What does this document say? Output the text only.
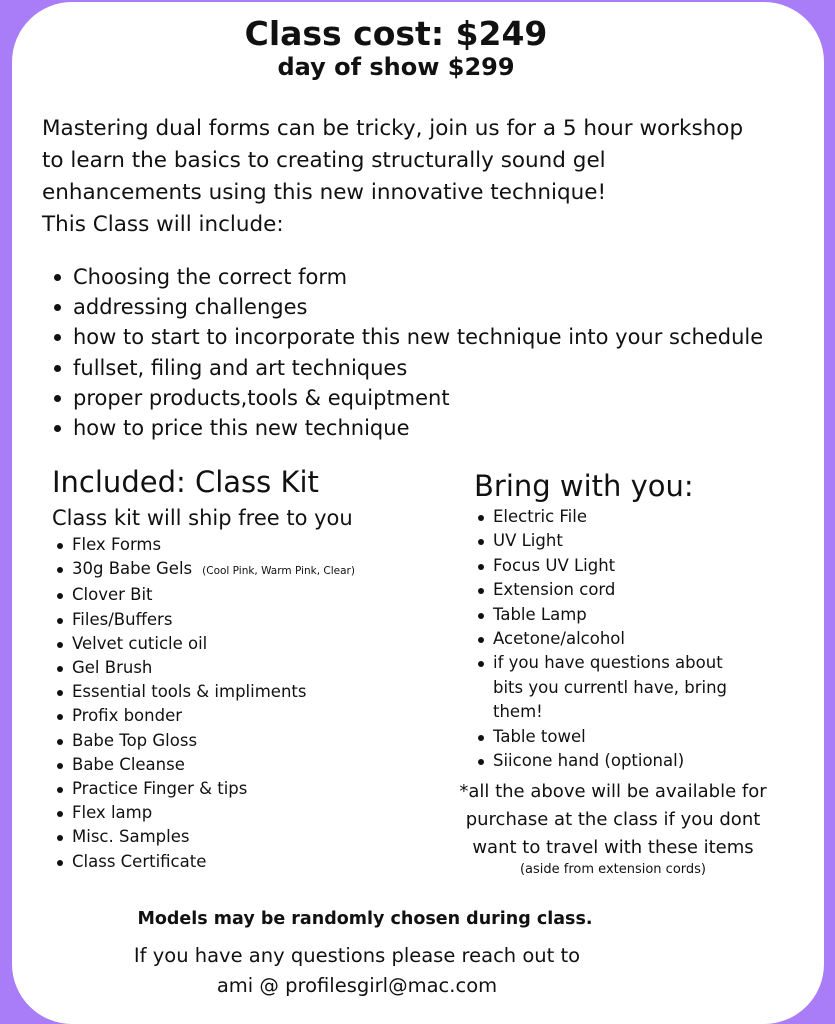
Class cost: $249
day of show $299

Mastering dual forms can be tricky, join us for a 5 hour workshop

to learn the basics to creating structurally sound gel

enhancements using this new innovative technique!

This Class will include:

Choosing the correct form
addressing challenges
how to start to incorporate this new technique into your schedule
fullset, filing and art techniques
proper products,tools & equiptment
how to price this new technique
Included: Class Kit
Class kit will ship free to you
Flex Forms
30g Babe Gels (Cool Pink, Warm Pink, Clear)
Clover Bit
Files/Buffers
Velvet cuticle oil
Gel Brush
Essential tools & impliments
Profix bonder
Babe Top Gloss
Babe Cleanse
Practice Finger & tips
Flex lamp
Misc. Samples
Class Certificate
Bring with you:
Electric File
UV Light
Focus UV Light
Extension cord
Table Lamp
Acetone/alcohol
if you have questions about
bits you currentl have, bring
them!
Table towel
Siicone hand (optional)
*all the above will be available for
purchase at the class if you dont
want to travel with these items
(aside from extension cords)
Models may be randomly chosen during class.

If you have any questions please reach out to

ami @ profilesgirl@mac.com
